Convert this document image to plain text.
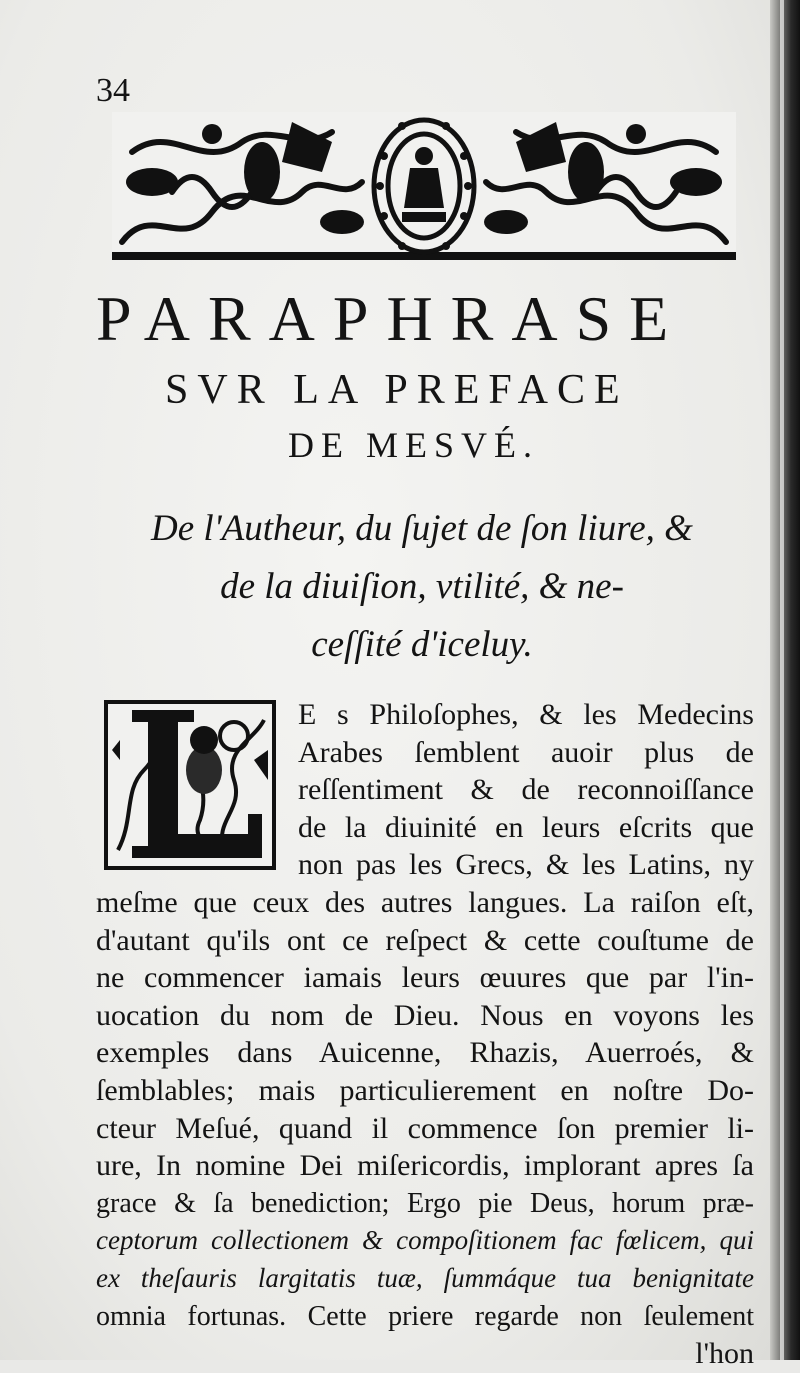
34
PARAPHRASE
SVR LA PREFACE
DE MESVÉ.
De l'Autheur, du ſujet de ſon liure, &
de la diuiſion, vtilité, & ne-
ceſſité d'iceluy.
L
E s Philoſophes, & les Medecins
Arabes ſemblent auoir plus de
reſſentiment & de reconnoiſſance
de la diuinité en leurs eſcrits que
non pas les Grecs, & les Latins, ny
meſme que ceux des autres langues. La raiſon eſt,
d'autant qu'ils ont ce reſpect & cette couſtume de
ne commencer iamais leurs œuures que par l'in-
uocation du nom de Dieu. Nous en voyons les
exemples dans Auicenne, Rhazis, Auerroés, &
ſemblables; mais particulierement en noſtre Do-
cteur Meſué, quand il commence ſon premier li-
ure, In nomine Dei miſericordis, implorant apres ſa
grace & ſa benediction; Ergo pie Deus, horum præ-
ceptorum collectionem & compoſitionem fac fœlicem, qui
ex theſauris largitatis tuæ, ſummáque tua benignitate
omnia fortunas. Cette priere regarde non ſeulement
l'hon
